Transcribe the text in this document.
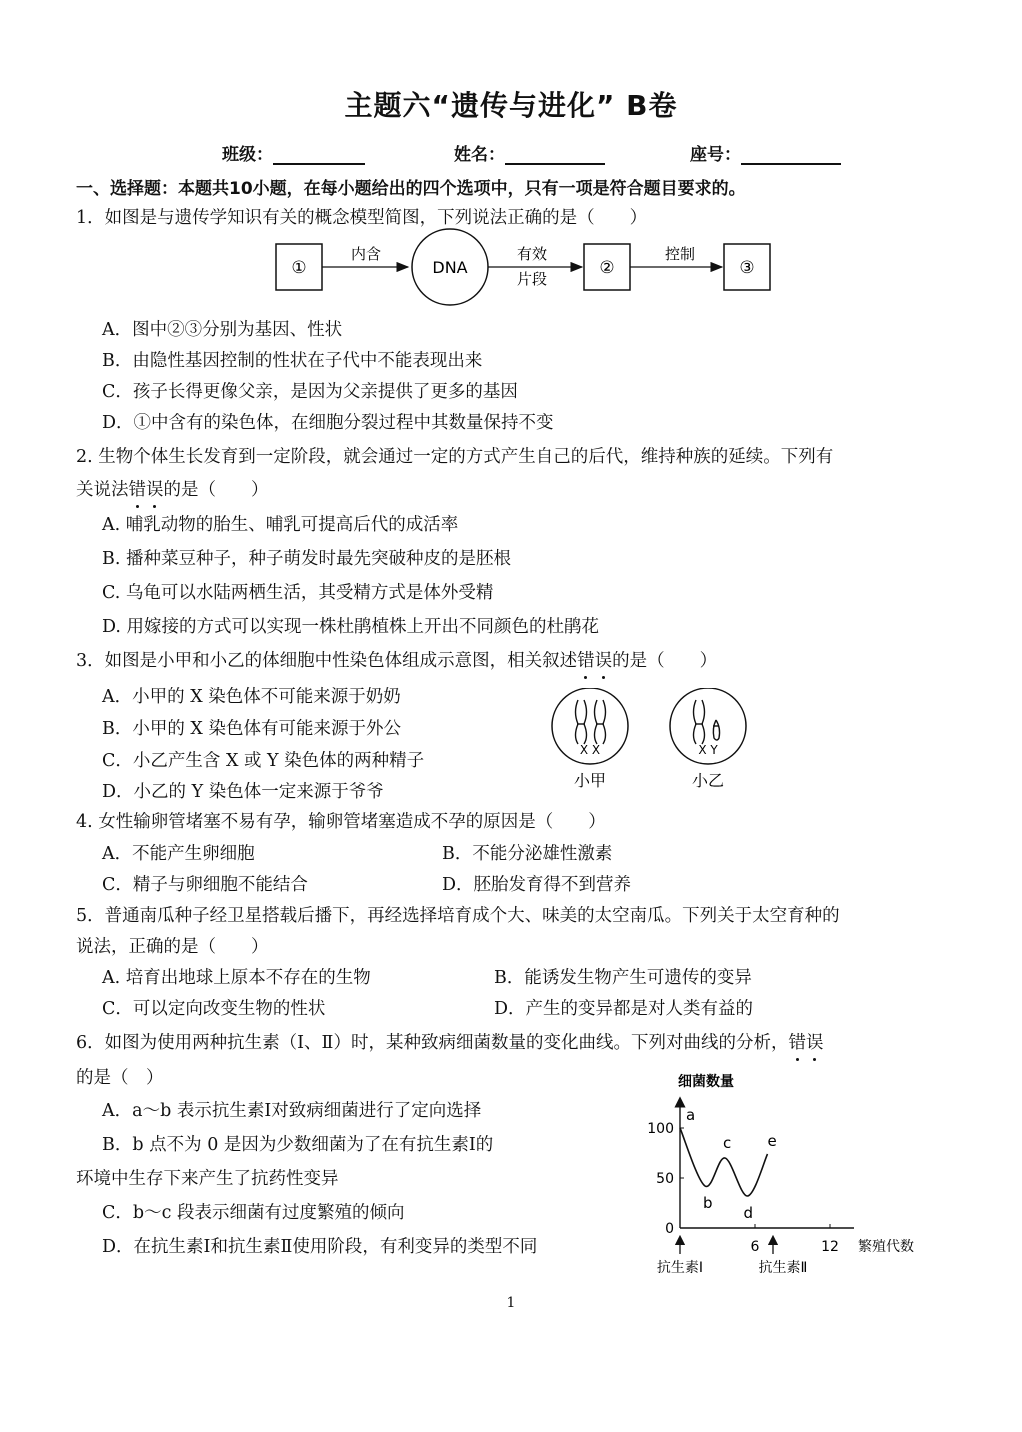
主题六“遗传与进化” B卷
班级：	姓名：	座号：
一、选择题：本题共10小题，在每小题给出的四个选项中，只有一项是符合题目要求的。
1．如图是与遗传学知识有关的概念模型简图，下列说法正确的是（　　）
①
内含
DNA
有效
片段
②
控制
③
A．图中②③分别为基因、性状
B．由隐性基因控制的性状在子代中不能表现出来
C．孩子长得更像父亲，是因为父亲提供了更多的基因
D．①中含有的染色体，在细胞分裂过程中其数量保持不变
2. 生物个体生长发育到一定阶段，就会通过一定的方式产生自己的后代，维持种族的延续。下列有
关说法错误的是（　　）
A. 哺乳动物的胎生、哺乳可提高后代的成活率
B. 播种菜豆种子，种子萌发时最先突破种皮的是胚根
C. 乌龟可以水陆两栖生活，其受精方式是体外受精
D. 用嫁接的方式可以实现一株杜鹃植株上开出不同颜色的杜鹃花
3．如图是小甲和小乙的体细胞中性染色体组成示意图，相关叙述错误的是（　　）
A．小甲的 X 染色体不可能来源于奶奶
B．小甲的 X 染色体有可能来源于外公
C．小乙产生含 X 或 Y 染色体的两种精子
D．小乙的 Y 染色体一定来源于爷爷
X X
小甲
X Y
小乙
4. 女性输卵管堵塞不易有孕，输卵管堵塞造成不孕的原因是（　　）
A．不能产生卵细胞	B．不能分泌雄性激素
C．精子与卵细胞不能结合	D．胚胎发育得不到营养
5．普通南瓜种子经卫星搭载后播下，再经选择培育成个大、味美的太空南瓜。下列关于太空育种的
说法，正确的是（　　）
A. 培育出地球上原本不存在的生物	B．能诱发生物产生可遗传的变异
C．可以定向改变生物的性状	D．产生的变异都是对人类有益的
6．如图为使用两种抗生素（Ⅰ、Ⅱ）时，某种致病细菌数量的变化曲线。下列对曲线的分析，错误
的是（　）
A．a～b 表示抗生素Ⅰ对致病细菌进行了定向选择
B．b 点不为 0 是因为少数细菌为了在有抗生素Ⅰ的
环境中生存下来产生了抗药性变异
C．b～c 段表示细菌有过度繁殖的倾向
D．在抗生素Ⅰ和抗生素Ⅱ使用阶段，有利变异的类型不同
细菌数量
繁殖代数
100
50
0
6	12
a
b
c
d
e
抗生素Ⅰ	抗生素Ⅱ
1
